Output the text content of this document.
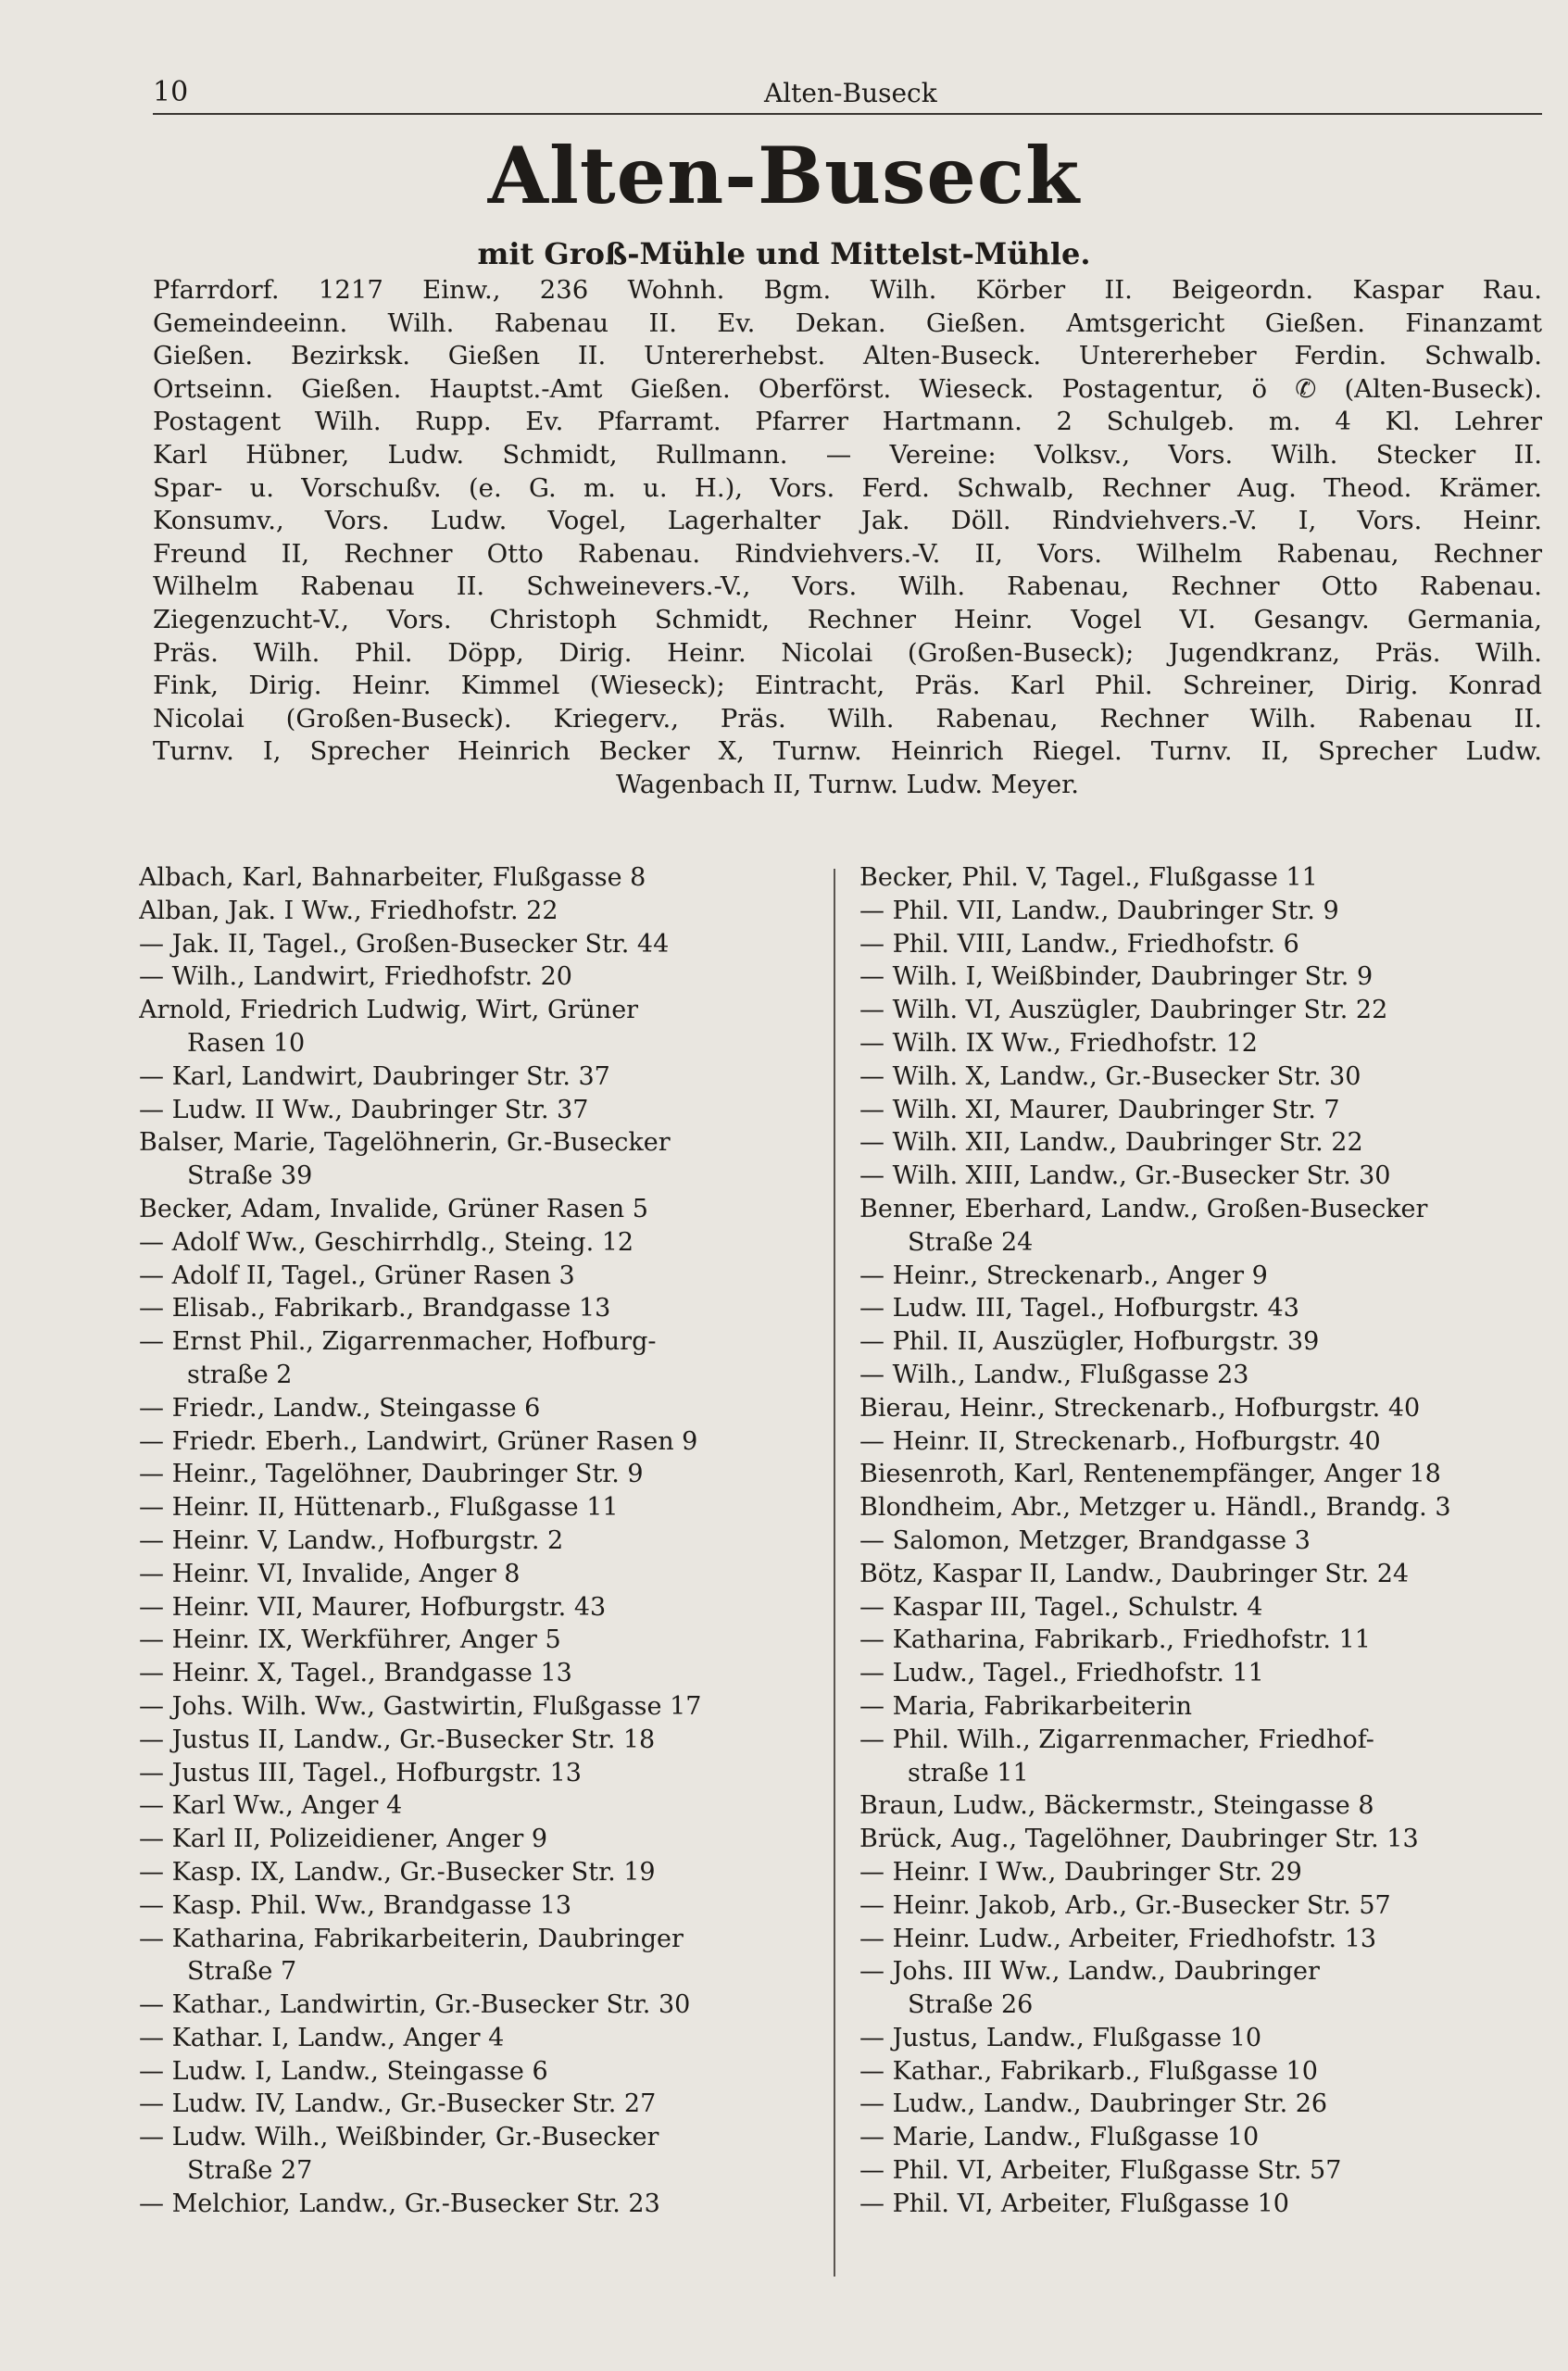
10	Alten-Buseck
Alten-Buseck
mit Groß-Mühle und Mittelst-Mühle.

Pfarrdorf. 1217 Einw., 236 Wohnh. Bgm. Wilh. Körber II. Beigeordn. Kaspar Rau.

Gemeindeeinn. Wilh. Rabenau II. Ev. Dekan. Gießen. Amtsgericht Gießen. Finanzamt

Gießen. Bezirksk. Gießen II. Untererhebst. Alten-Buseck. Untererheber Ferdin. Schwalb.

Ortseinn. Gießen. Hauptst.-Amt Gießen. Oberförst. Wieseck. Postagentur, ö ✆ (Alten-Buseck).

Postagent Wilh. Rupp. Ev. Pfarramt. Pfarrer Hartmann. 2 Schulgeb. m. 4 Kl. Lehrer

Karl Hübner, Ludw. Schmidt, Rullmann. — Vereine: Volksv., Vors. Wilh. Stecker II.

Spar- u. Vorschußv. (e. G. m. u. H.), Vors. Ferd. Schwalb, Rechner Aug. Theod. Krämer.

Konsumv., Vors. Ludw. Vogel, Lagerhalter Jak. Döll. Rindviehvers.-V. I, Vors. Heinr.

Freund II, Rechner Otto Rabenau. Rindviehvers.-V. II, Vors. Wilhelm Rabenau, Rechner

Wilhelm Rabenau II. Schweinevers.-V., Vors. Wilh. Rabenau, Rechner Otto Rabenau.

Ziegenzucht-V., Vors. Christoph Schmidt, Rechner Heinr. Vogel VI. Gesangv. Germania,

Präs. Wilh. Phil. Döpp, Dirig. Heinr. Nicolai (Großen-Buseck); Jugendkranz, Präs. Wilh.

Fink, Dirig. Heinr. Kimmel (Wieseck); Eintracht, Präs. Karl Phil. Schreiner, Dirig. Konrad

Nicolai (Großen-Buseck). Kriegerv., Präs. Wilh. Rabenau, Rechner Wilh. Rabenau II.

Turnv. I, Sprecher Heinrich Becker X, Turnw. Heinrich Riegel. Turnv. II, Sprecher Ludw.

Wagenbach II, Turnw. Ludw. Meyer.

Albach, Karl, Bahnarbeiter, Flußgasse 8
Alban, Jak. I Ww., Friedhofstr. 22
— Jak. II, Tagel., Großen-Busecker Str. 44
— Wilh., Landwirt, Friedhofstr. 20
Arnold, Friedrich Ludwig, Wirt, Grüner
Rasen 10
— Karl, Landwirt, Daubringer Str. 37
— Ludw. II Ww., Daubringer Str. 37
Balser, Marie, Tagelöhnerin, Gr.-Busecker
Straße 39
Becker, Adam, Invalide, Grüner Rasen 5
— Adolf Ww., Geschirrhdlg., Steing. 12
— Adolf II, Tagel., Grüner Rasen 3
— Elisab., Fabrikarb., Brandgasse 13
— Ernst Phil., Zigarrenmacher, Hofburg-
straße 2
— Friedr., Landw., Steingasse 6
— Friedr. Eberh., Landwirt, Grüner Rasen 9
— Heinr., Tagelöhner, Daubringer Str. 9
— Heinr. II, Hüttenarb., Flußgasse 11
— Heinr. V, Landw., Hofburgstr. 2
— Heinr. VI, Invalide, Anger 8
— Heinr. VII, Maurer, Hofburgstr. 43
— Heinr. IX, Werkführer, Anger 5
— Heinr. X, Tagel., Brandgasse 13
— Johs. Wilh. Ww., Gastwirtin, Flußgasse 17
— Justus II, Landw., Gr.-Busecker Str. 18
— Justus III, Tagel., Hofburgstr. 13
— Karl Ww., Anger 4
— Karl II, Polizeidiener, Anger 9
— Kasp. IX, Landw., Gr.-Busecker Str. 19
— Kasp. Phil. Ww., Brandgasse 13
— Katharina, Fabrikarbeiterin, Daubringer
Straße 7
— Kathar., Landwirtin, Gr.-Busecker Str. 30
— Kathar. I, Landw., Anger 4
— Ludw. I, Landw., Steingasse 6
— Ludw. IV, Landw., Gr.-Busecker Str. 27
— Ludw. Wilh., Weißbinder, Gr.-Busecker
Straße 27
— Melchior, Landw., Gr.-Busecker Str. 23
Becker, Phil. V, Tagel., Flußgasse 11
— Phil. VII, Landw., Daubringer Str. 9
— Phil. VIII, Landw., Friedhofstr. 6
— Wilh. I, Weißbinder, Daubringer Str. 9
— Wilh. VI, Auszügler, Daubringer Str. 22
— Wilh. IX Ww., Friedhofstr. 12
— Wilh. X, Landw., Gr.-Busecker Str. 30
— Wilh. XI, Maurer, Daubringer Str. 7
— Wilh. XII, Landw., Daubringer Str. 22
— Wilh. XIII, Landw., Gr.-Busecker Str. 30
Benner, Eberhard, Landw., Großen-Busecker
Straße 24
— Heinr., Streckenarb., Anger 9
— Ludw. III, Tagel., Hofburgstr. 43
— Phil. II, Auszügler, Hofburgstr. 39
— Wilh., Landw., Flußgasse 23
Bierau, Heinr., Streckenarb., Hofburgstr. 40
— Heinr. II, Streckenarb., Hofburgstr. 40
Biesenroth, Karl, Rentenempfänger, Anger 18
Blondheim, Abr., Metzger u. Händl., Brandg. 3
— Salomon, Metzger, Brandgasse 3
Bötz, Kaspar II, Landw., Daubringer Str. 24
— Kaspar III, Tagel., Schulstr. 4
— Katharina, Fabrikarb., Friedhofstr. 11
— Ludw., Tagel., Friedhofstr. 11
— Maria, Fabrikarbeiterin
— Phil. Wilh., Zigarrenmacher, Friedhof-
straße 11
Braun, Ludw., Bäckermstr., Steingasse 8
Brück, Aug., Tagelöhner, Daubringer Str. 13
— Heinr. I Ww., Daubringer Str. 29
— Heinr. Jakob, Arb., Gr.-Busecker Str. 57
— Heinr. Ludw., Arbeiter, Friedhofstr. 13
— Johs. III Ww., Landw., Daubringer
Straße 26
— Justus, Landw., Flußgasse 10
— Kathar., Fabrikarb., Flußgasse 10
— Ludw., Landw., Daubringer Str. 26
— Marie, Landw., Flußgasse 10
— Phil. VI, Arbeiter, Flußgasse Str. 57
— Phil. VI, Arbeiter, Flußgasse 10
